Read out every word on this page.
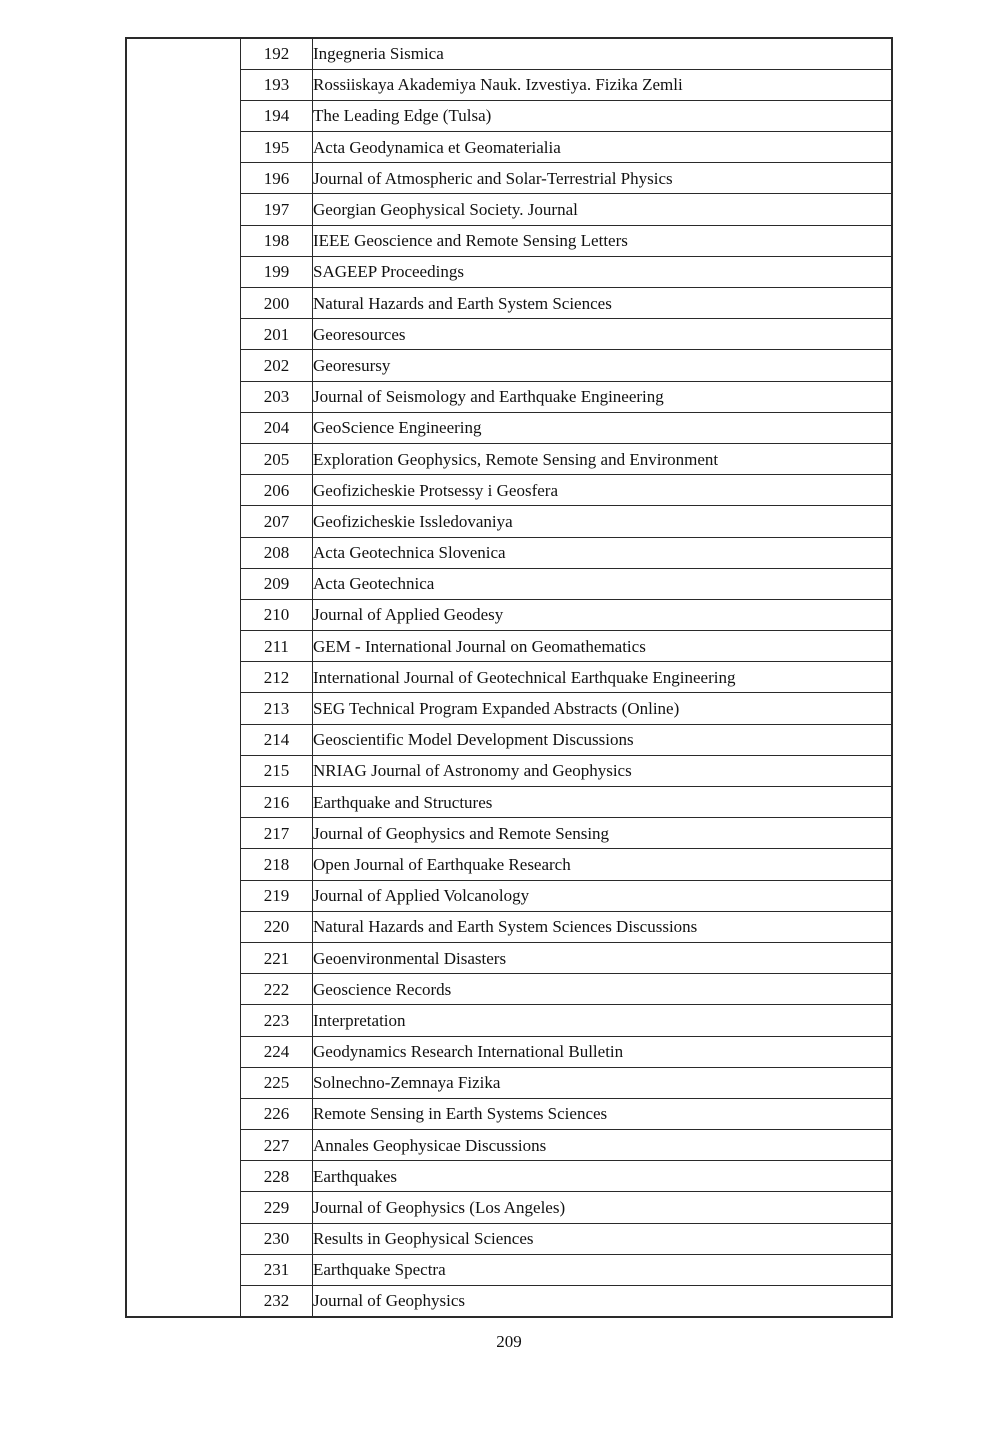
	192	Ingegneria Sismica
	193	Rossiiskaya Akademiya Nauk. Izvestiya. Fizika Zemli
	194	The Leading Edge (Tulsa)
	195	Acta Geodynamica et Geomaterialia
	196	Journal of Atmospheric and Solar-Terrestrial Physics
	197	Georgian Geophysical Society. Journal
	198	IEEE Geoscience and Remote Sensing Letters
	199	SAGEEP Proceedings
	200	Natural Hazards and Earth System Sciences
	201	Georesources
	202	Georesursy
	203	Journal of Seismology and Earthquake Engineering
	204	GeoScience Engineering
	205	Exploration Geophysics, Remote Sensing and Environment
	206	Geofizicheskie Protsessy i Geosfera
	207	Geofizicheskie Issledovaniya
	208	Acta Geotechnica Slovenica
	209	Acta Geotechnica
	210	Journal of Applied Geodesy
	211	GEM - International Journal on Geomathematics
	212	International Journal of Geotechnical Earthquake Engineering
	213	SEG Technical Program Expanded Abstracts (Online)
	214	Geoscientific Model Development Discussions
	215	NRIAG Journal of Astronomy and Geophysics
	216	Earthquake and Structures
	217	Journal of Geophysics and Remote Sensing
	218	Open Journal of Earthquake Research
	219	Journal of Applied Volcanology
	220	Natural Hazards and Earth System Sciences Discussions
	221	Geoenvironmental Disasters
	222	Geoscience Records
	223	Interpretation
	224	Geodynamics Research International Bulletin
	225	Solnechno-Zemnaya Fizika
	226	Remote Sensing in Earth Systems Sciences
	227	Annales Geophysicae Discussions
	228	Earthquakes
	229	Journal of Geophysics (Los Angeles)
	230	Results in Geophysical Sciences
	231	Earthquake Spectra
	232	Journal of Geophysics
209
